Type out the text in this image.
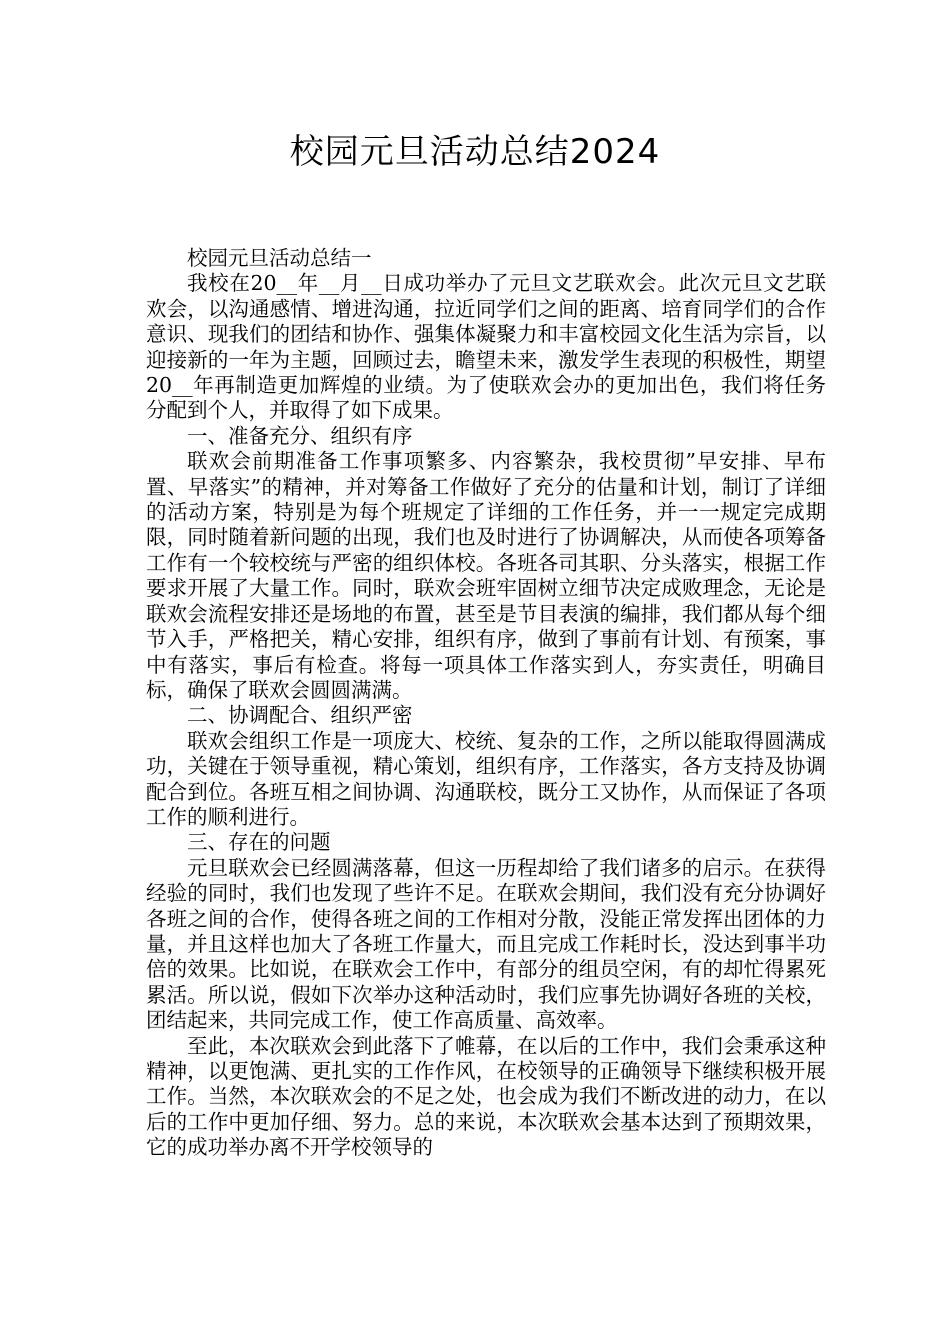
校园元旦活动总结2024

校园元旦活动总结一

我校在20__年__月__日成功举办了元旦文艺联欢会。此次元旦文艺联欢会，以沟通感情、增进沟通，拉近同学们之间的距离、培育同学们的合作意识、现我们的团结和协作、强集体凝聚力和丰富校园文化生活为宗旨，以迎接新的一年为主题，回顾过去，瞻望未来，激发学生表现的积极性，期望20__年再制造更加辉煌的业绩。为了使联欢会办的更加出色，我们将任务分配到个人，并取得了如下成果。

一、准备充分、组织有序

联欢会前期准备工作事项繁多、内容繁杂，我校贯彻”早安排、早布置、早落实”的精神，并对筹备工作做好了充分的估量和计划，制订了详细的活动方案，特别是为每个班规定了详细的工作任务，并一一规定完成期限，同时随着新问题的出现，我们也及时进行了协调解决，从而使各项筹备工作有一个较校统与严密的组织体校。各班各司其职、分头落实，根据工作要求开展了大量工作。同时，联欢会班牢固树立细节决定成败理念，无论是联欢会流程安排还是场地的布置，甚至是节目表演的编排，我们都从每个细节入手，严格把关，精心安排，组织有序，做到了事前有计划、有预案，事中有落实，事后有检查。将每一项具体工作落实到人，夯实责任，明确目标，确保了联欢会圆圆满满。

二、协调配合、组织严密

联欢会组织工作是一项庞大、校统、复杂的工作，之所以能取得圆满成功，关键在于领导重视，精心策划，组织有序，工作落实，各方支持及协调配合到位。各班互相之间协调、沟通联校，既分工又协作，从而保证了各项工作的顺利进行。

三、存在的问题

元旦联欢会已经圆满落幕，但这一历程却给了我们诸多的启示。在获得经验的同时，我们也发现了些许不足。在联欢会期间，我们没有充分协调好各班之间的合作，使得各班之间的工作相对分散，没能正常发挥出团体的力量，并且这样也加大了各班工作量大，而且完成工作耗时长，没达到事半功倍的效果。比如说，在联欢会工作中，有部分的组员空闲，有的却忙得累死累活。所以说，假如下次举办这种活动时，我们应事先协调好各班的关校，团结起来，共同完成工作，使工作高质量、高效率。

至此，本次联欢会到此落下了帷幕，在以后的工作中，我们会秉承这种精神，以更饱满、更扎实的工作作风，在校领导的正确领导下继续积极开展工作。当然，本次联欢会的不足之处，也会成为我们不断改进的动力，在以后的工作中更加仔细、努力。总的来说，本次联欢会基本达到了预期效果，它的成功举办离不开学校领导的
